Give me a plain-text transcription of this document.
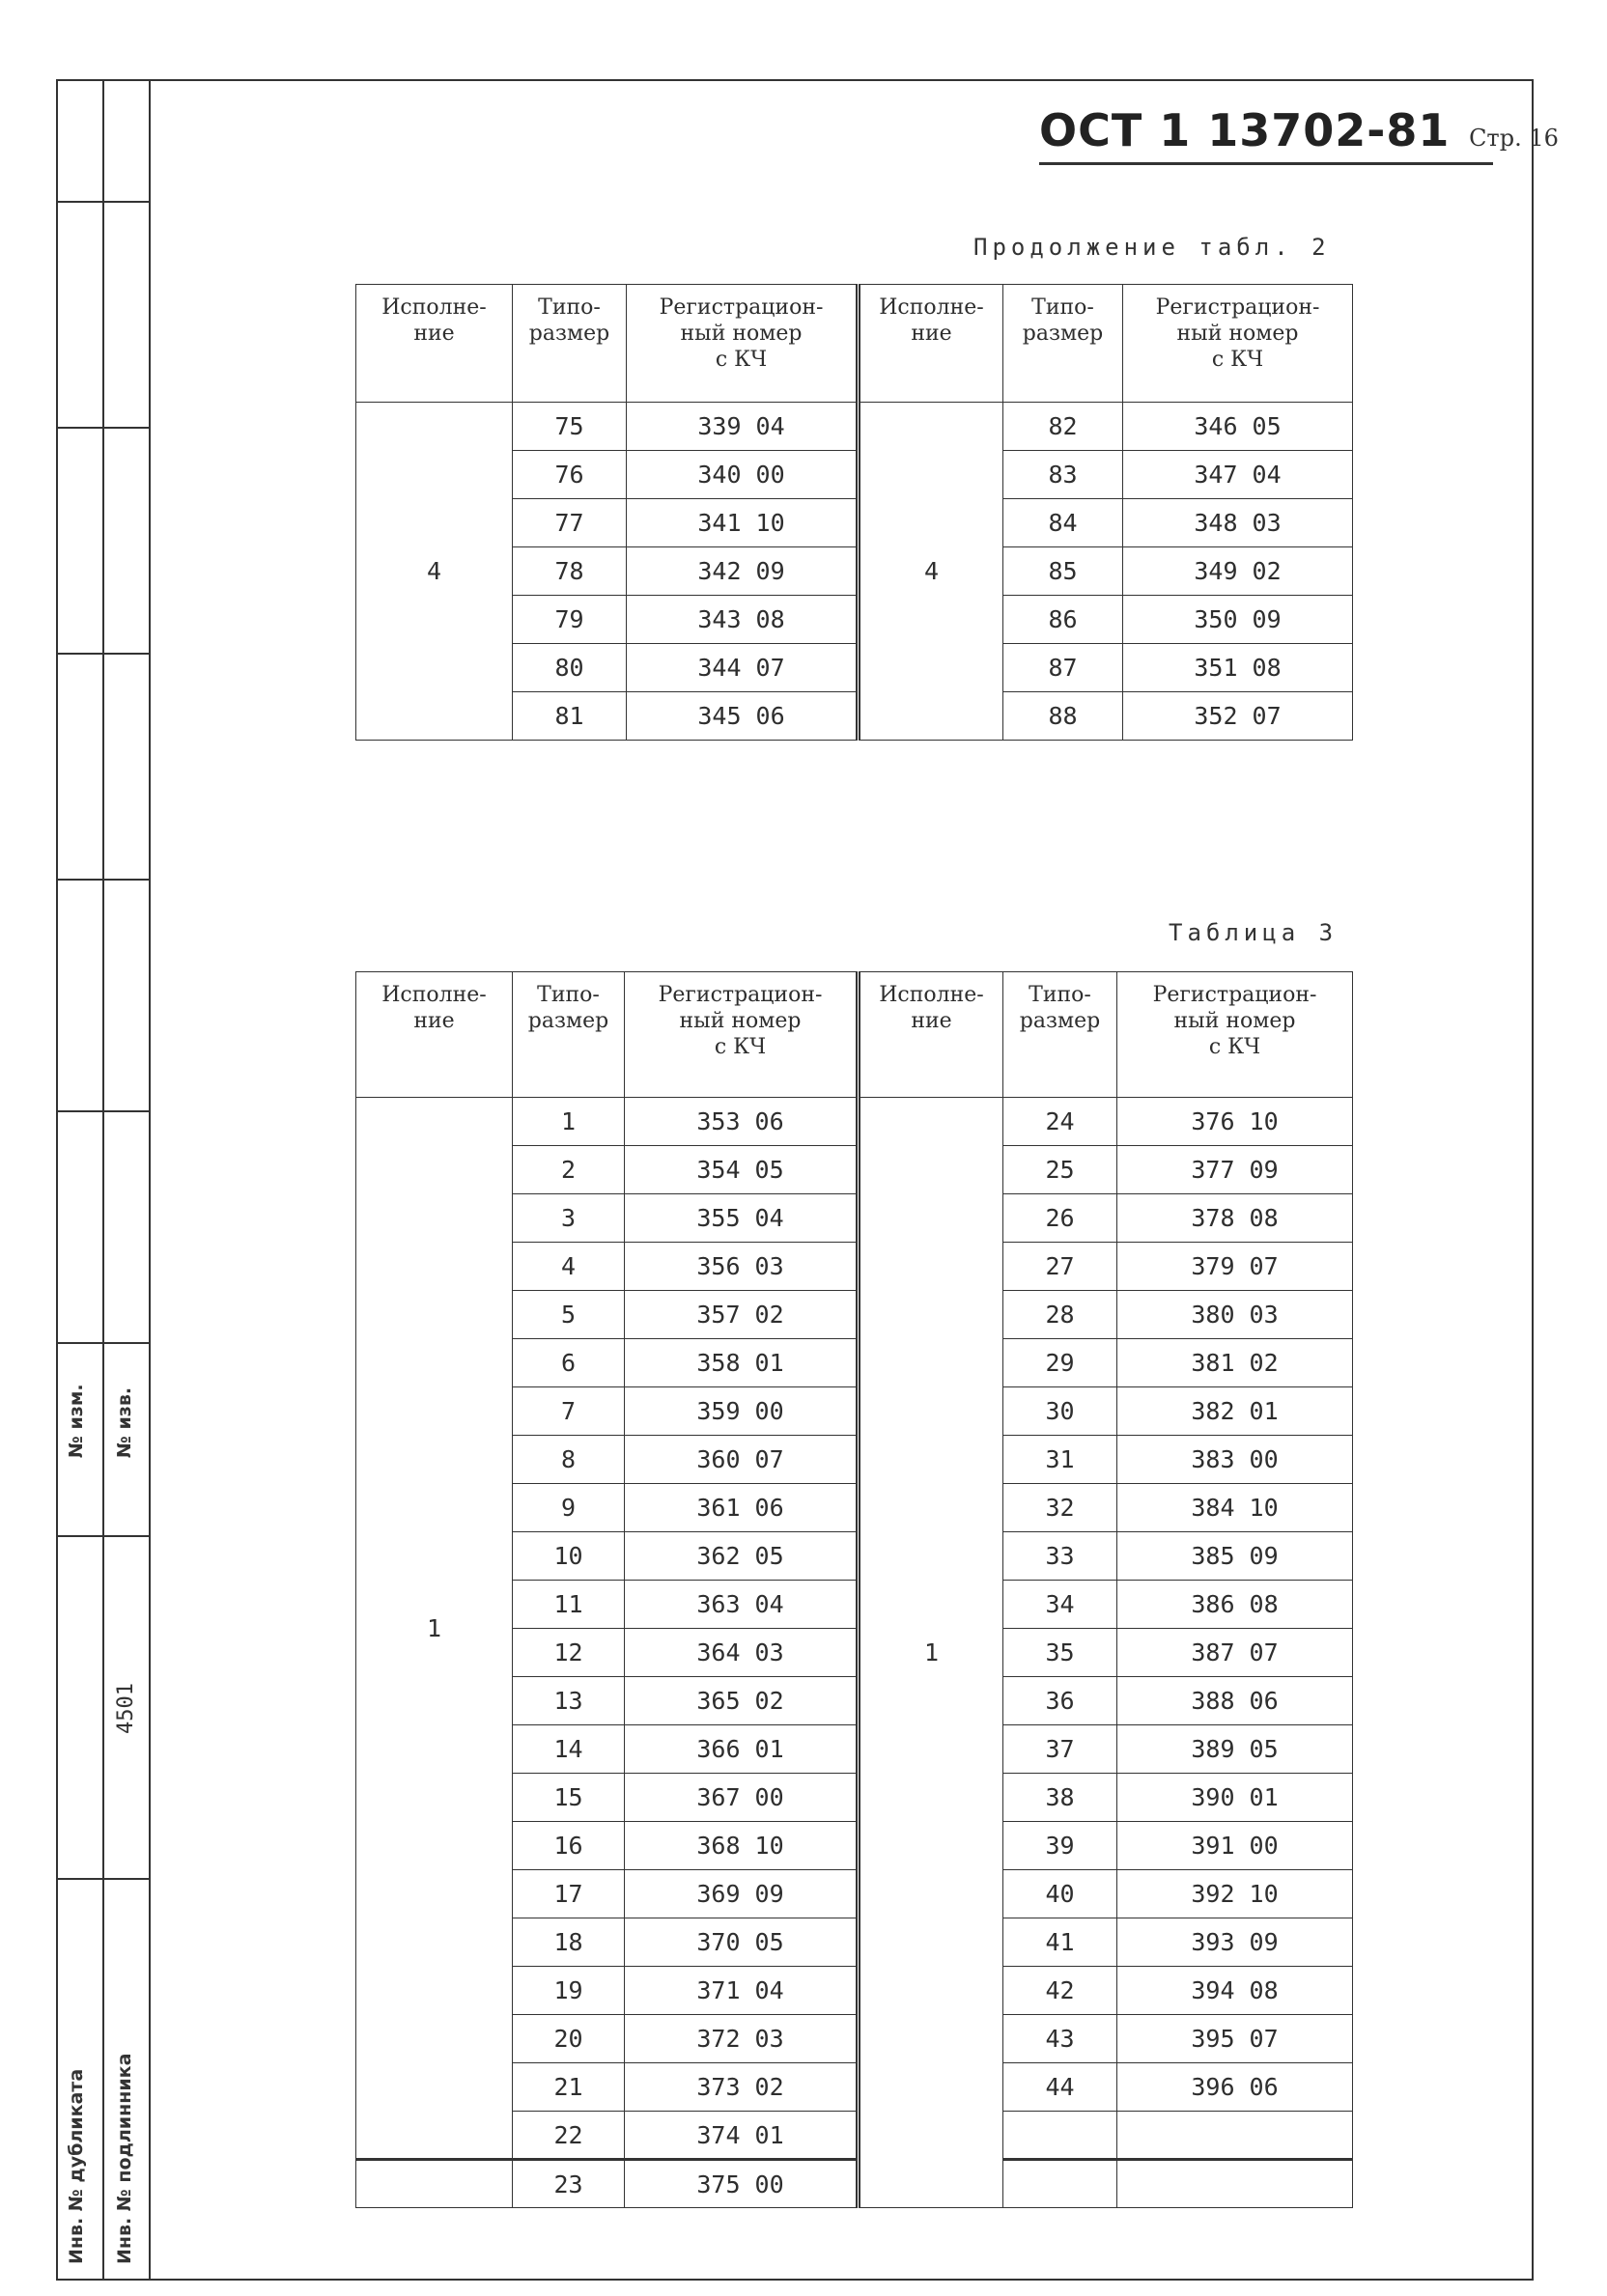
№ изм. № изв.
4501
Инв. № дубликата Инв. № подлинника
ОСТ 1 13702-81 Стр. 16
Продолжение табл. 2
Исполне-
ние	Типо-
размер	Регистрацион-
ный номер
с КЧ	Исполне-
ние	Типо-
размер	Регистрацион-
ный номер
с КЧ
4	75	339 04	4	82	346 05
	76	340 00		83	347 04
	77	341 10		84	348 03
	78	342 09		85	349 02
	79	343 08		86	350 09
	80	344 07		87	351 08
	81	345 06		88	352 07
Таблица 3
Исполне-
ние	Типо-
размер	Регистрацион-
ный номер
с КЧ	Исполне-
ние	Типо-
размер	Регистрацион-
ный номер
с КЧ
1	1	353 06	1	24	376 10
	2	354 05		25	377 09
	3	355 04		26	378 08
	4	356 03		27	379 07
	5	357 02		28	380 03
	6	358 01		29	381 02
	7	359 00		30	382 01
	8	360 07		31	383 00
	9	361 06		32	384 10
	10	362 05		33	385 09
	11	363 04		34	386 08
	12	364 03		35	387 07
	13	365 02		36	388 06
	14	366 01		37	389 05
	15	367 00		38	390 01
	16	368 10		39	391 00
	17	369 09		40	392 10
	18	370 05		41	393 09
	19	371 04		42	394 08
	20	372 03		43	395 07
	21	373 02		44	396 06
	22	374 01			
	23	375 00			
